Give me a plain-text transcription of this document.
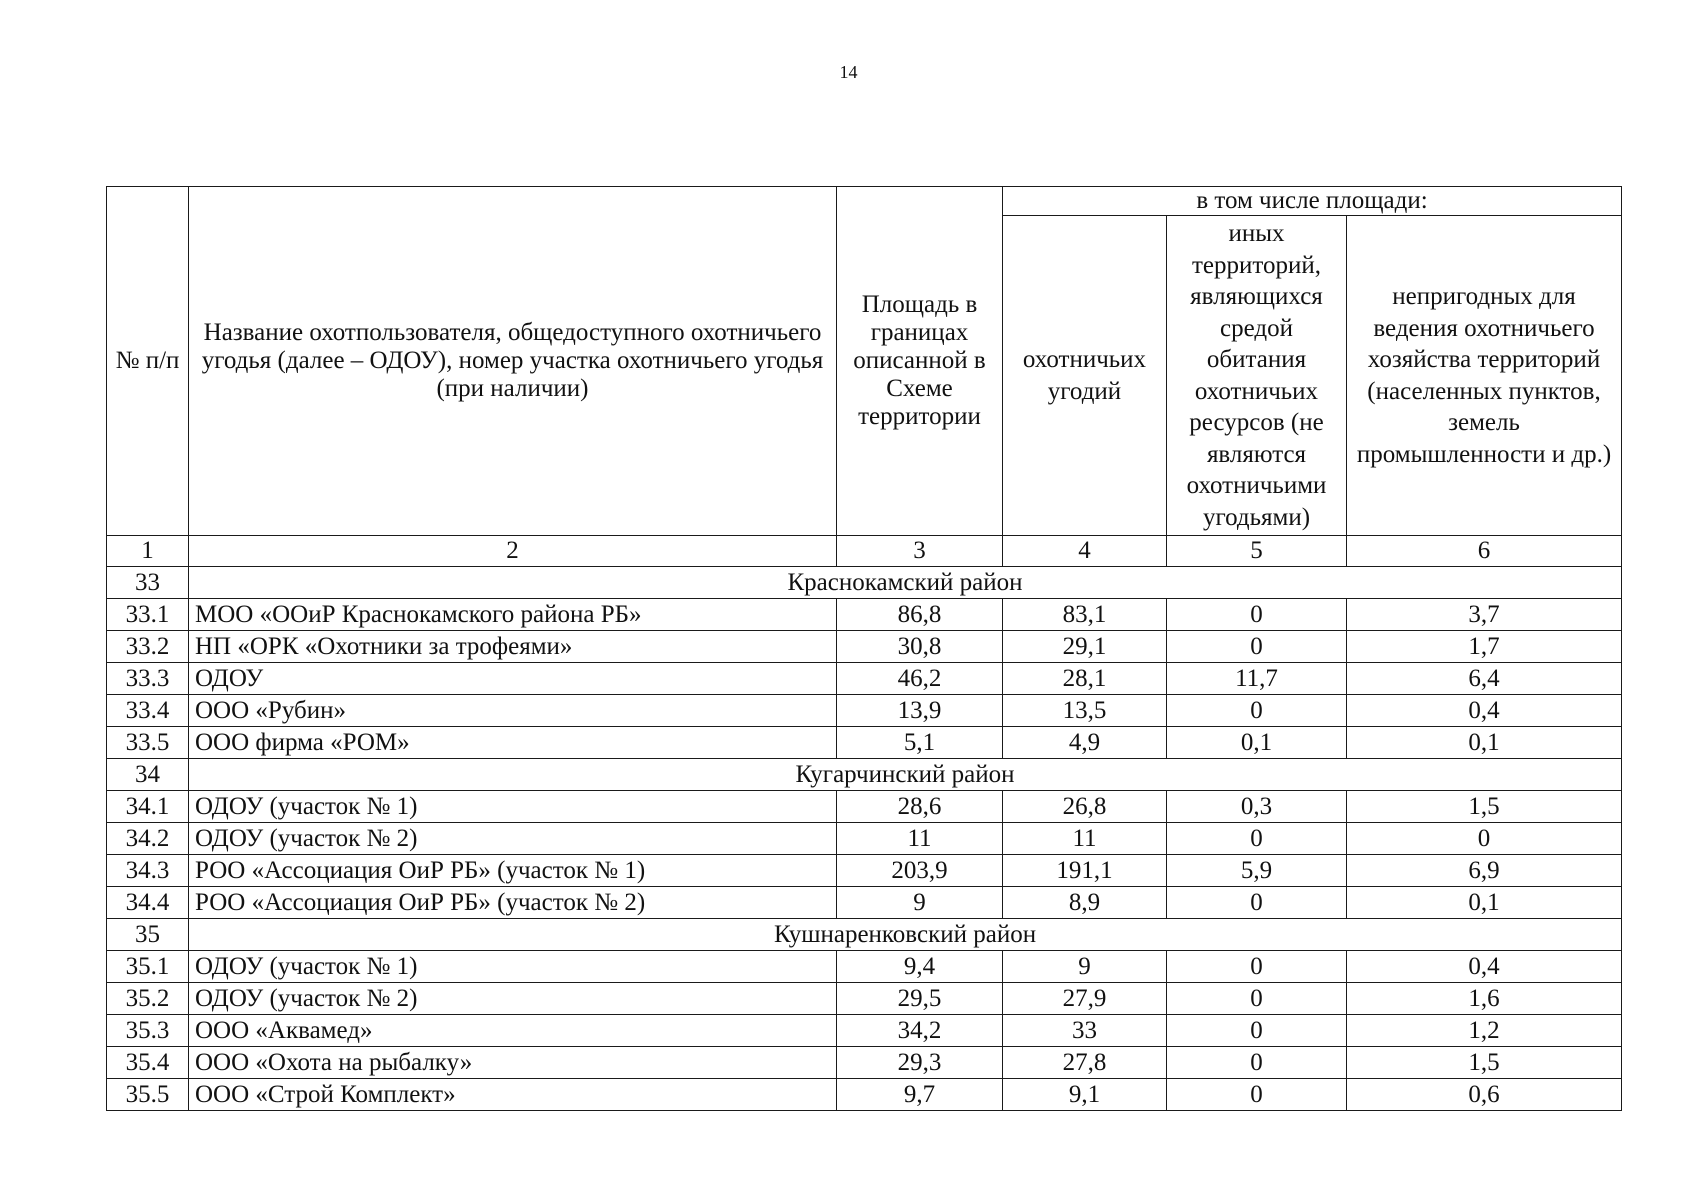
14
№ п/п	Название охотпользователя, общедоступного охотничьего угодья (далее – ОДОУ), номер участка охотничьего угодья (при наличии)	Площадь в границах описанной в Схеме территории	в том числе площади:		
			охотничьих угодий	иных территорий, являющихся средой обитания охотничьих ресурсов (не являются охотничьими угодьями)	непригодных для ведения охотничьего хозяйства территорий (населенных пунктов, земель промышленности и др.)
1	2	3	4	5	6
33	Краснокамский район				
33.1	МОО «ООиР Краснокамского района РБ»	86,8	83,1	0	3,7
33.2	НП «ОРК «Охотники за трофеями»	30,8	29,1	0	1,7
33.3	ОДОУ	46,2	28,1	11,7	6,4
33.4	ООО «Рубин»	13,9	13,5	0	0,4
33.5	ООО фирма «РОМ»	5,1	4,9	0,1	0,1
34	Кугарчинский район				
34.1	ОДОУ (участок № 1)	28,6	26,8	0,3	1,5
34.2	ОДОУ (участок № 2)	11	11	0	0
34.3	РОО «Ассоциация ОиР РБ» (участок № 1)	203,9	191,1	5,9	6,9
34.4	РОО «Ассоциация ОиР РБ» (участок № 2)	9	8,9	0	0,1
35	Кушнаренковский район				
35.1	ОДОУ (участок № 1)	9,4	9	0	0,4
35.2	ОДОУ (участок № 2)	29,5	27,9	0	1,6
35.3	ООО «Аквамед»	34,2	33	0	1,2
35.4	ООО «Охота на рыбалку»	29,3	27,8	0	1,5
35.5	ООО «Строй Комплект»	9,7	9,1	0	0,6
